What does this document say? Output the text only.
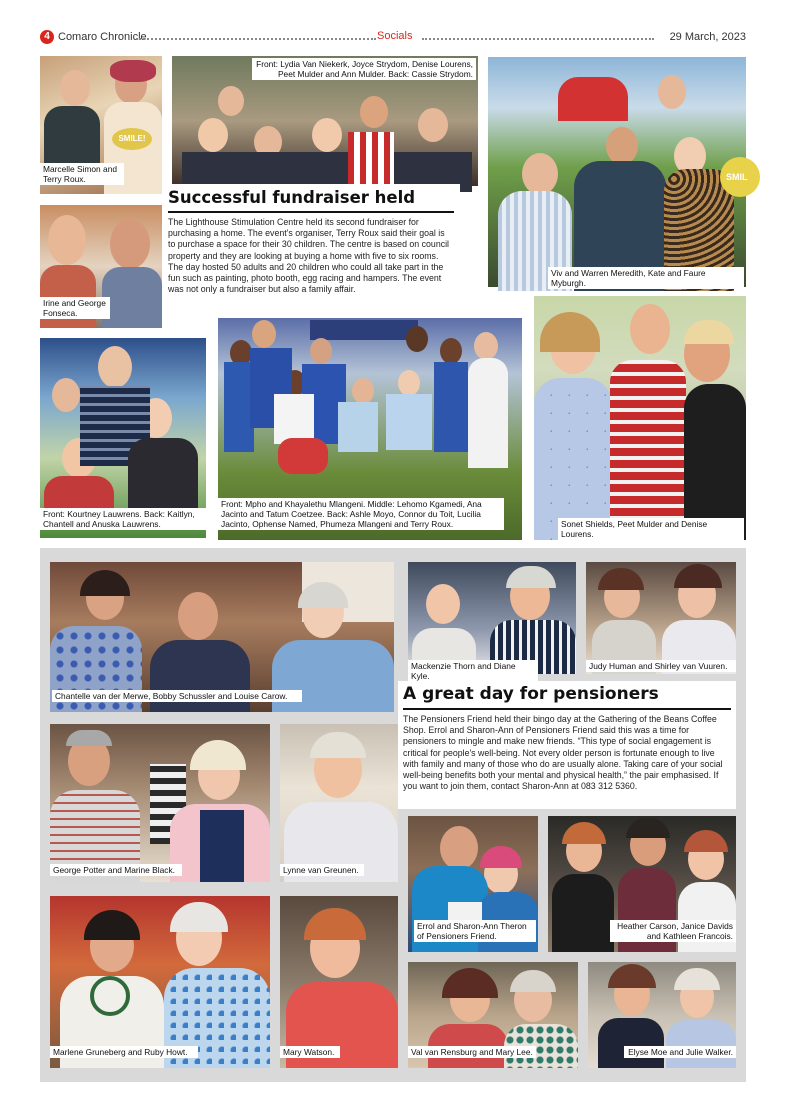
4 Comaro Chronicle	Socials	29 March, 2023
SMILE!
Marcelle Simon and Terry Roux.
Front: Lydia Van Niekerk, Joyce Strydom, Denise Lourens, Peet Mulder and Ann Mulder. Back: Cassie Strydom.
Successful fundraiser held

The Lighthouse Stimulation Centre held its second fundraiser for purchasing a home. The event's organiser, Terry Roux said their goal is to purchase a space for their 30 children. The centre is based on council property and they are looking at buying a home with five to six rooms. The day hosted 50 adults and 20 children who could all take part in the fun such as painting, photo booth, egg racing and hampers. The event was not only a fundraiser but also a family affair.

SMIL
Viv and Warren Meredith, Kate and Faure Myburgh.
Irine and George Fonseca.
Front: Kourtney Lauwrens. Back: Kaitlyn, Chantell and Anuska Lauwrens.
Front: Mpho and Khayalethu Mlangeni. Middle: Lehomo Kgamedi, Ana Jacinto and Tatum Coetzee. Back: Ashle Moyo, Connor du Toit, Lucilia Jacinto, Ophense Named, Phumeza Mlangeni and Terry Roux.	Sonet Shields, Peet Mulder and Denise Lourens.
Chantelle van der Merwe, Bobby Schussler and Louise Carow.
Mackenzie Thorn and Diane Kyle.
Judy Human and Shirley van Vuuren.
A great day for pensioners

The Pensioners Friend held their bingo day at the Gathering of the Beans Coffee Shop. Errol and Sharon-Ann of Pensioners Friend said this was a time for pensioners to mingle and make new friends. “This type of social engagement is critical for people's well-being. Not every older person is fortunate enough to live with family and many of those who do are usually alone. Taking care of your social well-being benefits both your mental and physical health,” the pair emphasised. If you want to join them, contact Sharon-Ann at 083 312 5360.

George Potter and Marine Black.	Lynne van Greunen.
Errol and Sharon-Ann Theron of Pensioners Friend.
Heather Carson, Janice Davids and Kathleen Francois.
Marlene Gruneberg and Ruby Howt.	Mary Watson.	Val van Rensburg and Mary Lee.	Elyse Moe and Julie Walker.
